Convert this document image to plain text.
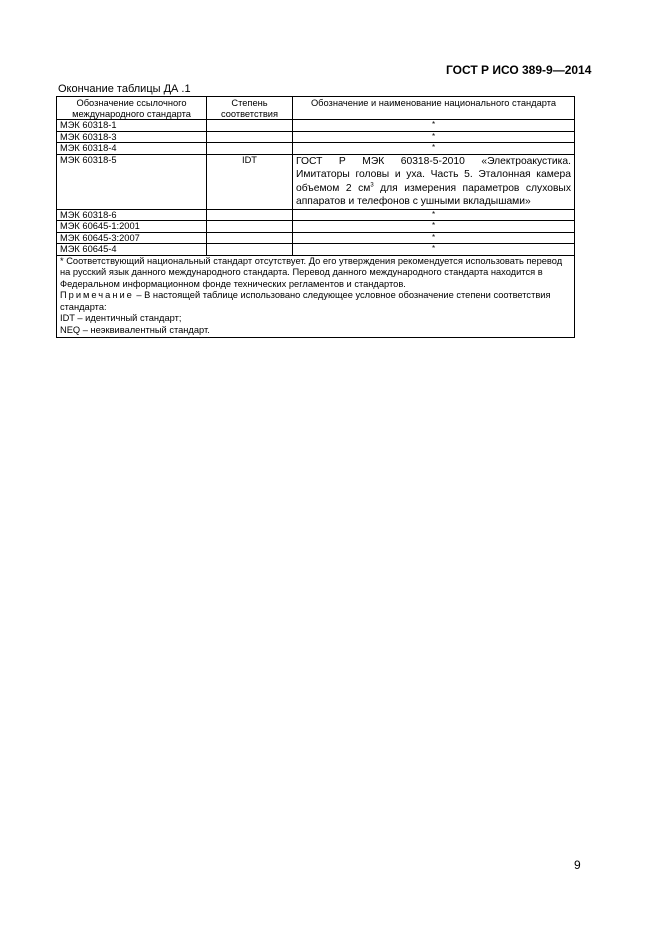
ГОСТ Р ИСО 389-9—2014
Окончание таблицы ДА .1
Обозначение ссылочного международного стандарта	Степень соответствия	Обозначение и наименование национального стандарта
МЭК 60318-1		*
МЭК 60318-3		*
МЭК 60318-4		*
МЭК 60318-5	IDT	ГОСТ Р МЭК 60318-5-2010 «Электроакустика. Имитаторы головы и уха. Часть 5. Эталонная камера объемом 2 $см^3$ для измерения параметров слуховых аппаратов и телефонов с ушными вкладышами»
МЭК 60318-6		*
МЭК 60645-1:2001		*
МЭК 60645-3:2007		*
МЭК 60645-4		*

* Соответствующий национальный стандарт отсутствует. До его утверждения рекомендуется использовать перевод на русский язык данного международного стандарта. Перевод данного международного стандарта находится в Федеральном информационном фонде технических регламентов и стандартов.
Примечание – В настоящей таблице использовано следующее условное обозначение степени соответствия стандарта:
IDT – идентичный стандарт;
NEQ – неэквивалентный стандарт.		
9
